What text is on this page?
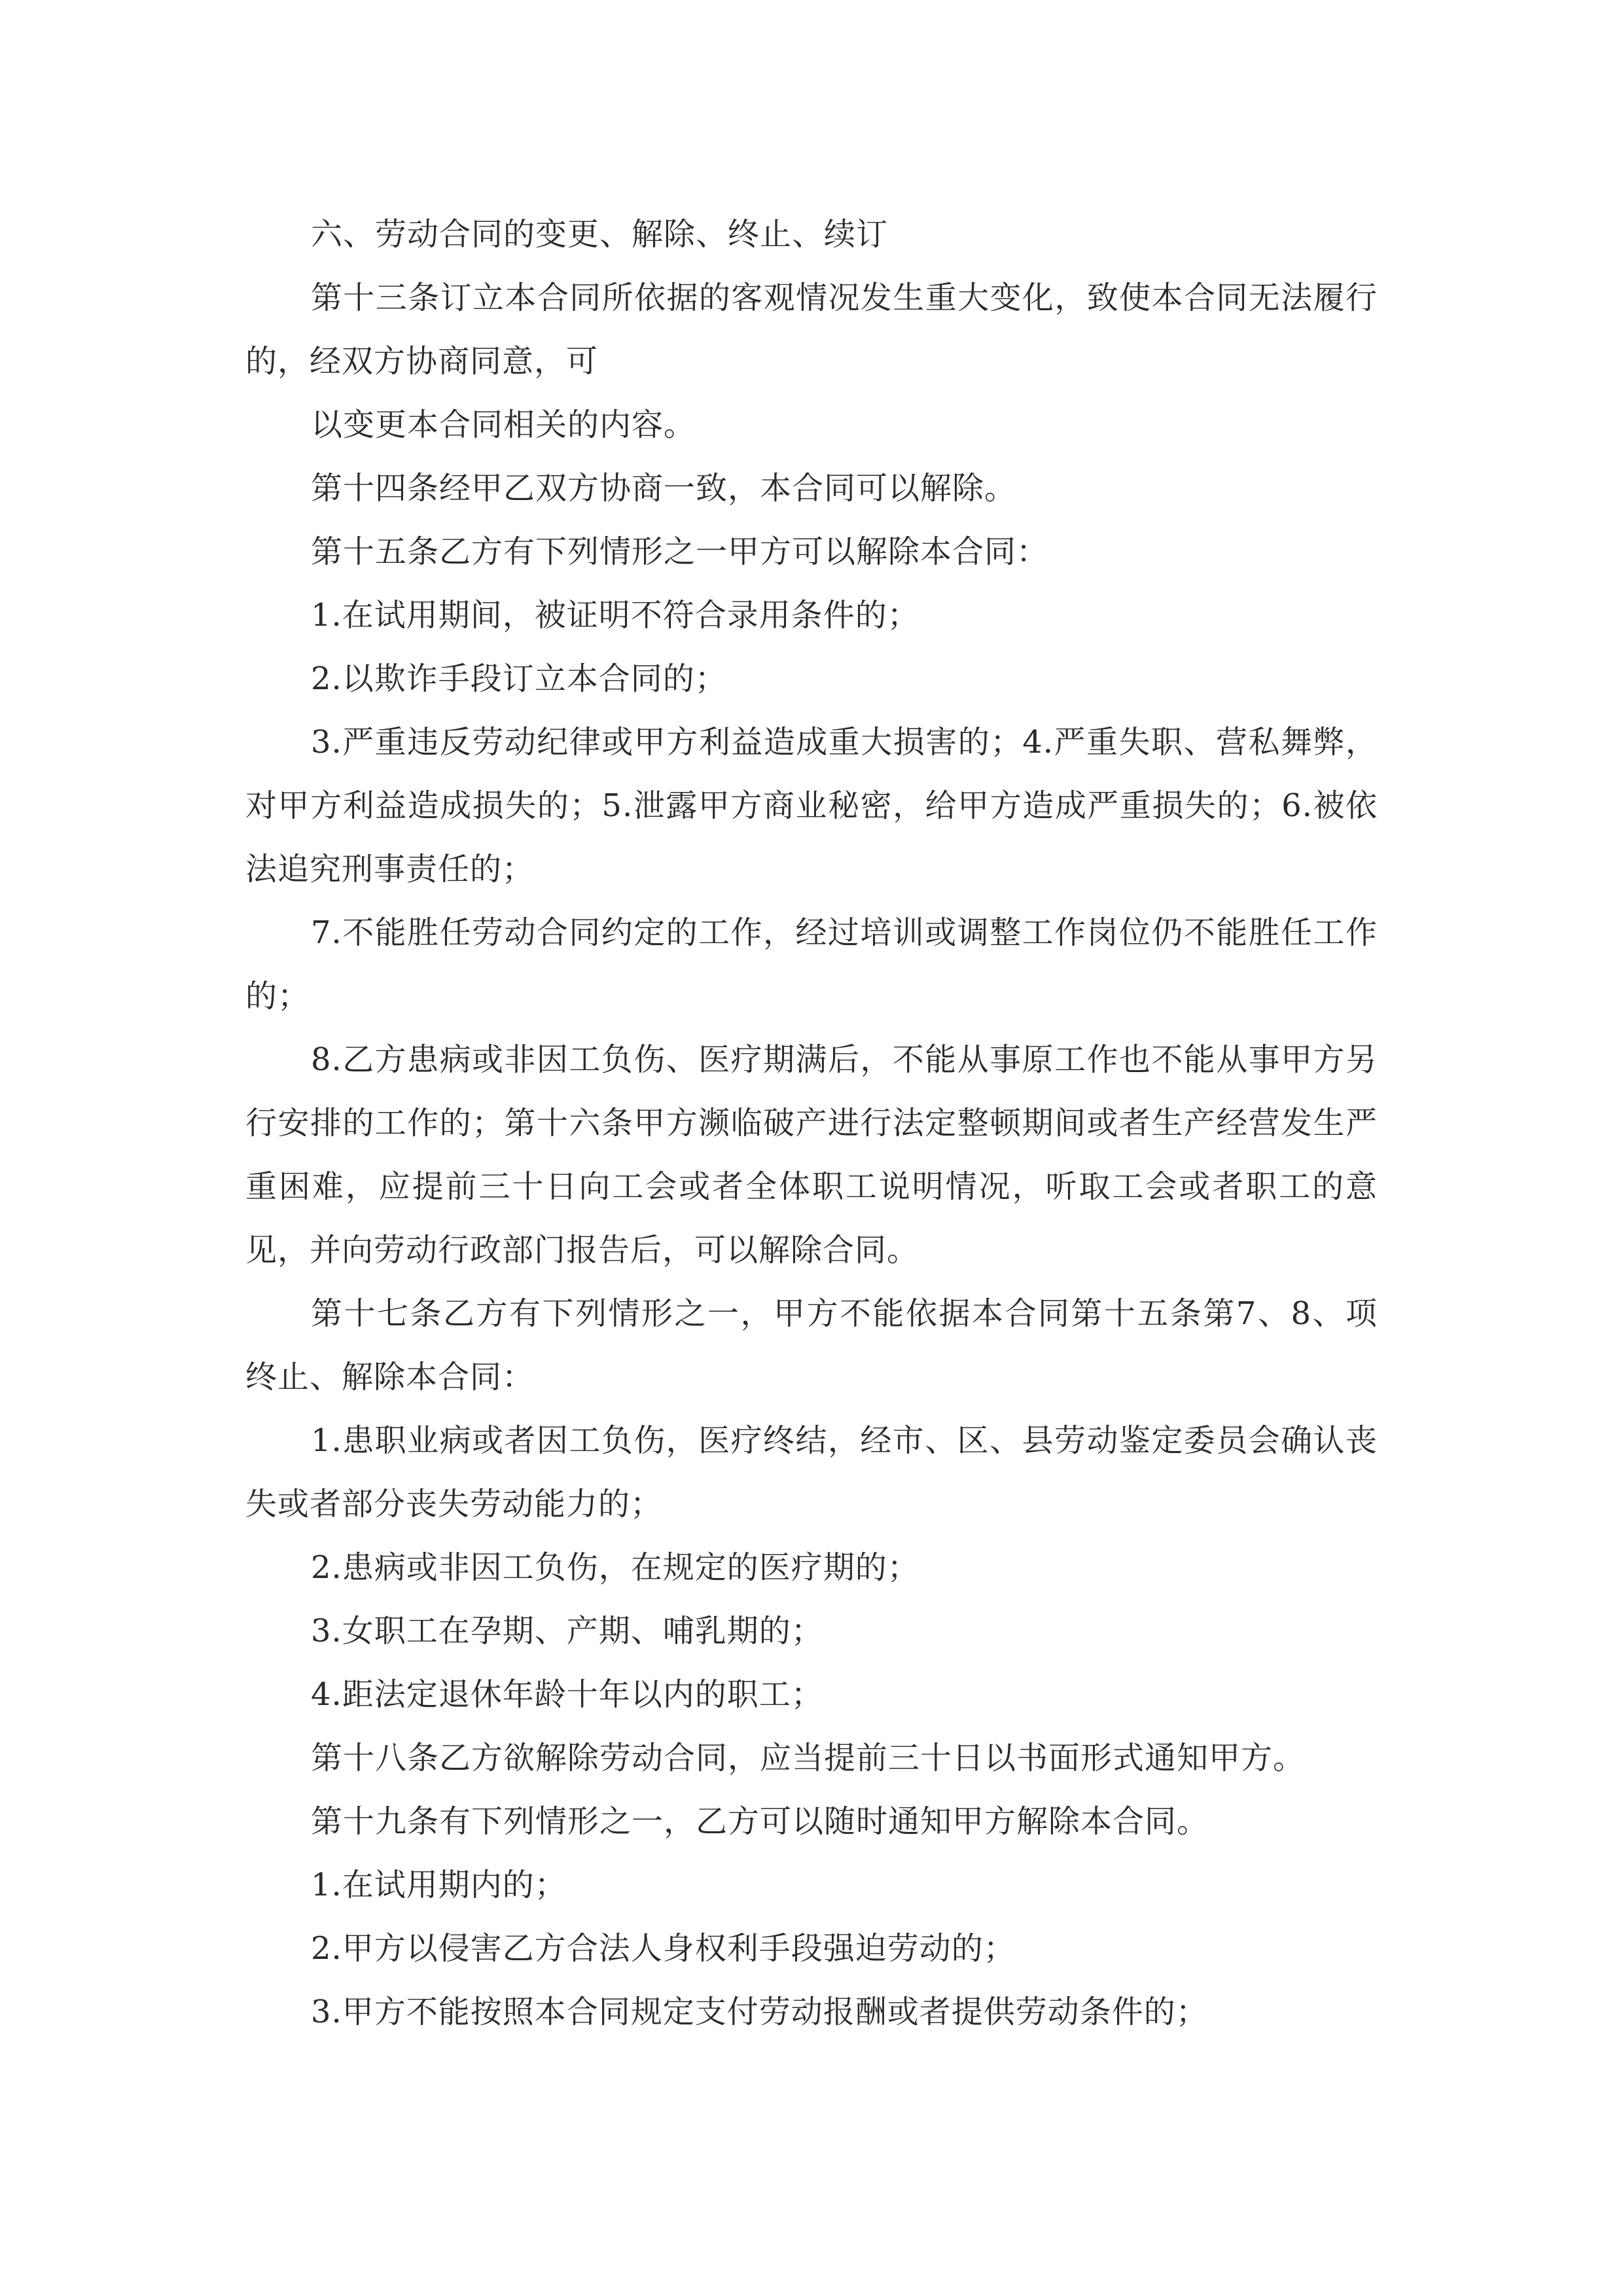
六、劳动合同的变更、解除、终止、续订

第十三条订立本合同所依据的客观情况发生重大变化，致使本合同无法履行的，经双方协商同意，可

以变更本合同相关的内容。

第十四条经甲乙双方协商一致，本合同可以解除。

第十五条乙方有下列情形之一甲方可以解除本合同：

1.在试用期间，被证明不符合录用条件的；

2.以欺诈手段订立本合同的；

3.严重违反劳动纪律或甲方利益造成重大损害的；4.严重失职、营私舞弊，对甲方利益造成损失的；5.泄露甲方商业秘密，给甲方造成严重损失的；6.被依法追究刑事责任的；

7.不能胜任劳动合同约定的工作，经过培训或调整工作岗位仍不能胜任工作的；

8.乙方患病或非因工负伤、医疗期满后，不能从事原工作也不能从事甲方另行安排的工作的；第十六条甲方濒临破产进行法定整顿期间或者生产经营发生严重困难，应提前三十日向工会或者全体职工说明情况，听取工会或者职工的意见，并向劳动行政部门报告后，可以解除合同。

第十七条乙方有下列情形之一，甲方不能依据本合同第十五条第7、8、项终止、解除本合同：

1.患职业病或者因工负伤，医疗终结，经市、区、县劳动鉴定委员会确认丧失或者部分丧失劳动能力的；

2.患病或非因工负伤，在规定的医疗期的；

3.女职工在孕期、产期、哺乳期的；

4.距法定退休年龄十年以内的职工；

第十八条乙方欲解除劳动合同，应当提前三十日以书面形式通知甲方。

第十九条有下列情形之一，乙方可以随时通知甲方解除本合同。

1.在试用期内的；

2.甲方以侵害乙方合法人身权利手段强迫劳动的；

3.甲方不能按照本合同规定支付劳动报酬或者提供劳动条件的；
